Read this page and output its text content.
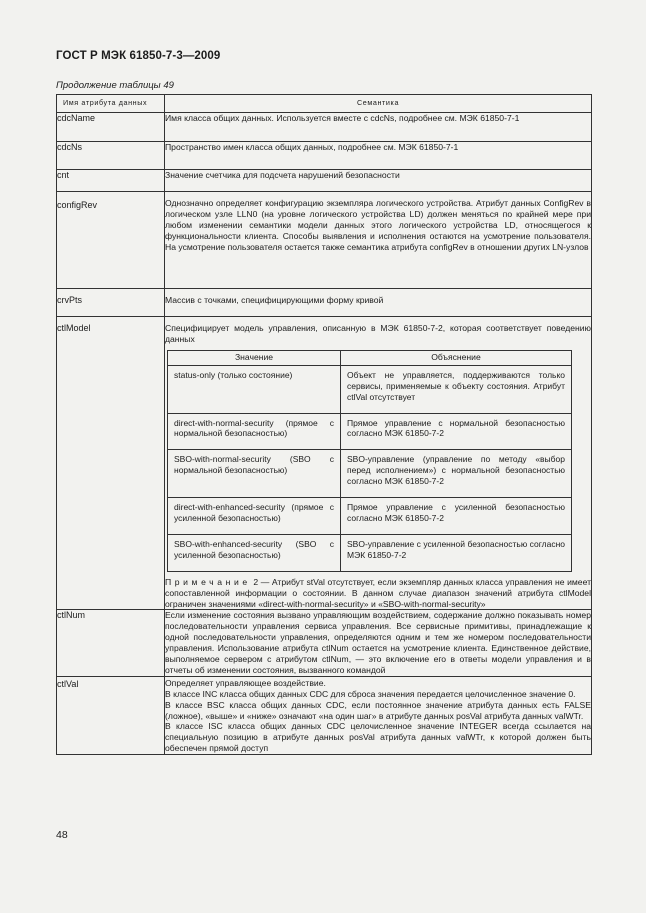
ГОСТ Р МЭК 61850-7-3—2009
Продолжение таблицы 49
Имя атрибута данных	Семантика
cdcName	Имя класса общих данных. Используется вместе с cdcNs, подробнее см. МЭК 61850-7-1
cdcNs	Пространство имен класса общих данных, подробнее см. МЭК 61850-7-1
cnt	Значение счетчика для подсчета нарушений безопасности
configRev	Однозначно определяет конфигурацию экземпляра логического устройства. Атрибут данных ConfigRev в логическом узле LLN0 (на уровне логического устройства LD) должен меняться по крайней мере при любом изменении семантики модели данных этого логического устройства LD, относящегося к функциональности клиента. Способы выявления и исполнения остаются на усмотрение пользователя. На усмотрение пользователя остается также семантика атрибута configRev в отношении других LN-узлов
crvPts	Массив с точками, специфицирующими форму кривой
ctlModel	Специфицирует модель управления, описанную в МЭК 61850-7-2, которая соответствует поведению данных

Значение	Объяснение
status-only (только состояние)	Объект не управляется, поддерживаются только сервисы, применяемые к объекту состояния. Атрибут ctlVal отсутствует
direct-with-normal-security (прямое с нормальной безопасностью)	Прямое управление с нормальной безопасностью согласно МЭК 61850-7-2
SBO-with-normal-security (SBO с нормальной безопасностью)	SBO-управление (управление по методу «выбор перед исполнением») с нормальной безопасностью согласно МЭК 61850-7-2
direct-with-enhanced-security (прямое с усиленной безопасностью)	Прямое управление с усиленной безопасностью согласно МЭК 61850-7-2
SBO-with-enhanced-security (SBO с усиленной безопасностью)	SBO-управление с усиленной безопасностью согласно МЭК 61850-7-2

Примечание 2 — Атрибут stVal отсутствует, если экземпляр данных класса управления не имеет сопоставленной информации о состоянии. В данном случае диапазон значений атрибута ctlModel ограничен значениями «direct-with-normal-security» и «SBO-with-normal-security»

ctlNum	Если изменение состояния вызвано управляющим воздействием, содержание должно показывать номер последовательности управления сервиса управления. Все сервисные примитивы, принадлежащие к одной последовательности управления, определяются одним и тем же номером последовательности управления. Использование атрибута ctlNum остается на усмотрение клиента. Единственное действие, выполняемое сервером с атрибутом ctlNum, — это включение его в ответы модели управления и в отчеты об изменении состояния, вызванного командой
ctlVal	Определяет управляющее воздействие.

В классе INC класса общих данных CDC для сброса значения передается целочисленное значение 0.

В классе BSC класса общих данных CDC, если постоянное значение атрибута данных есть FALSE (ложное), «выше» и «ниже» означают «на один шаг» в атрибуте данных posVal атрибута данных valWTr.

В классе ISC класса общих данных CDC целочисленное значение INTEGER всегда ссылается на специальную позицию в атрибуте данных posVal атрибута данных valWTr, к которой должен быть обеспечен прямой доступ

48
